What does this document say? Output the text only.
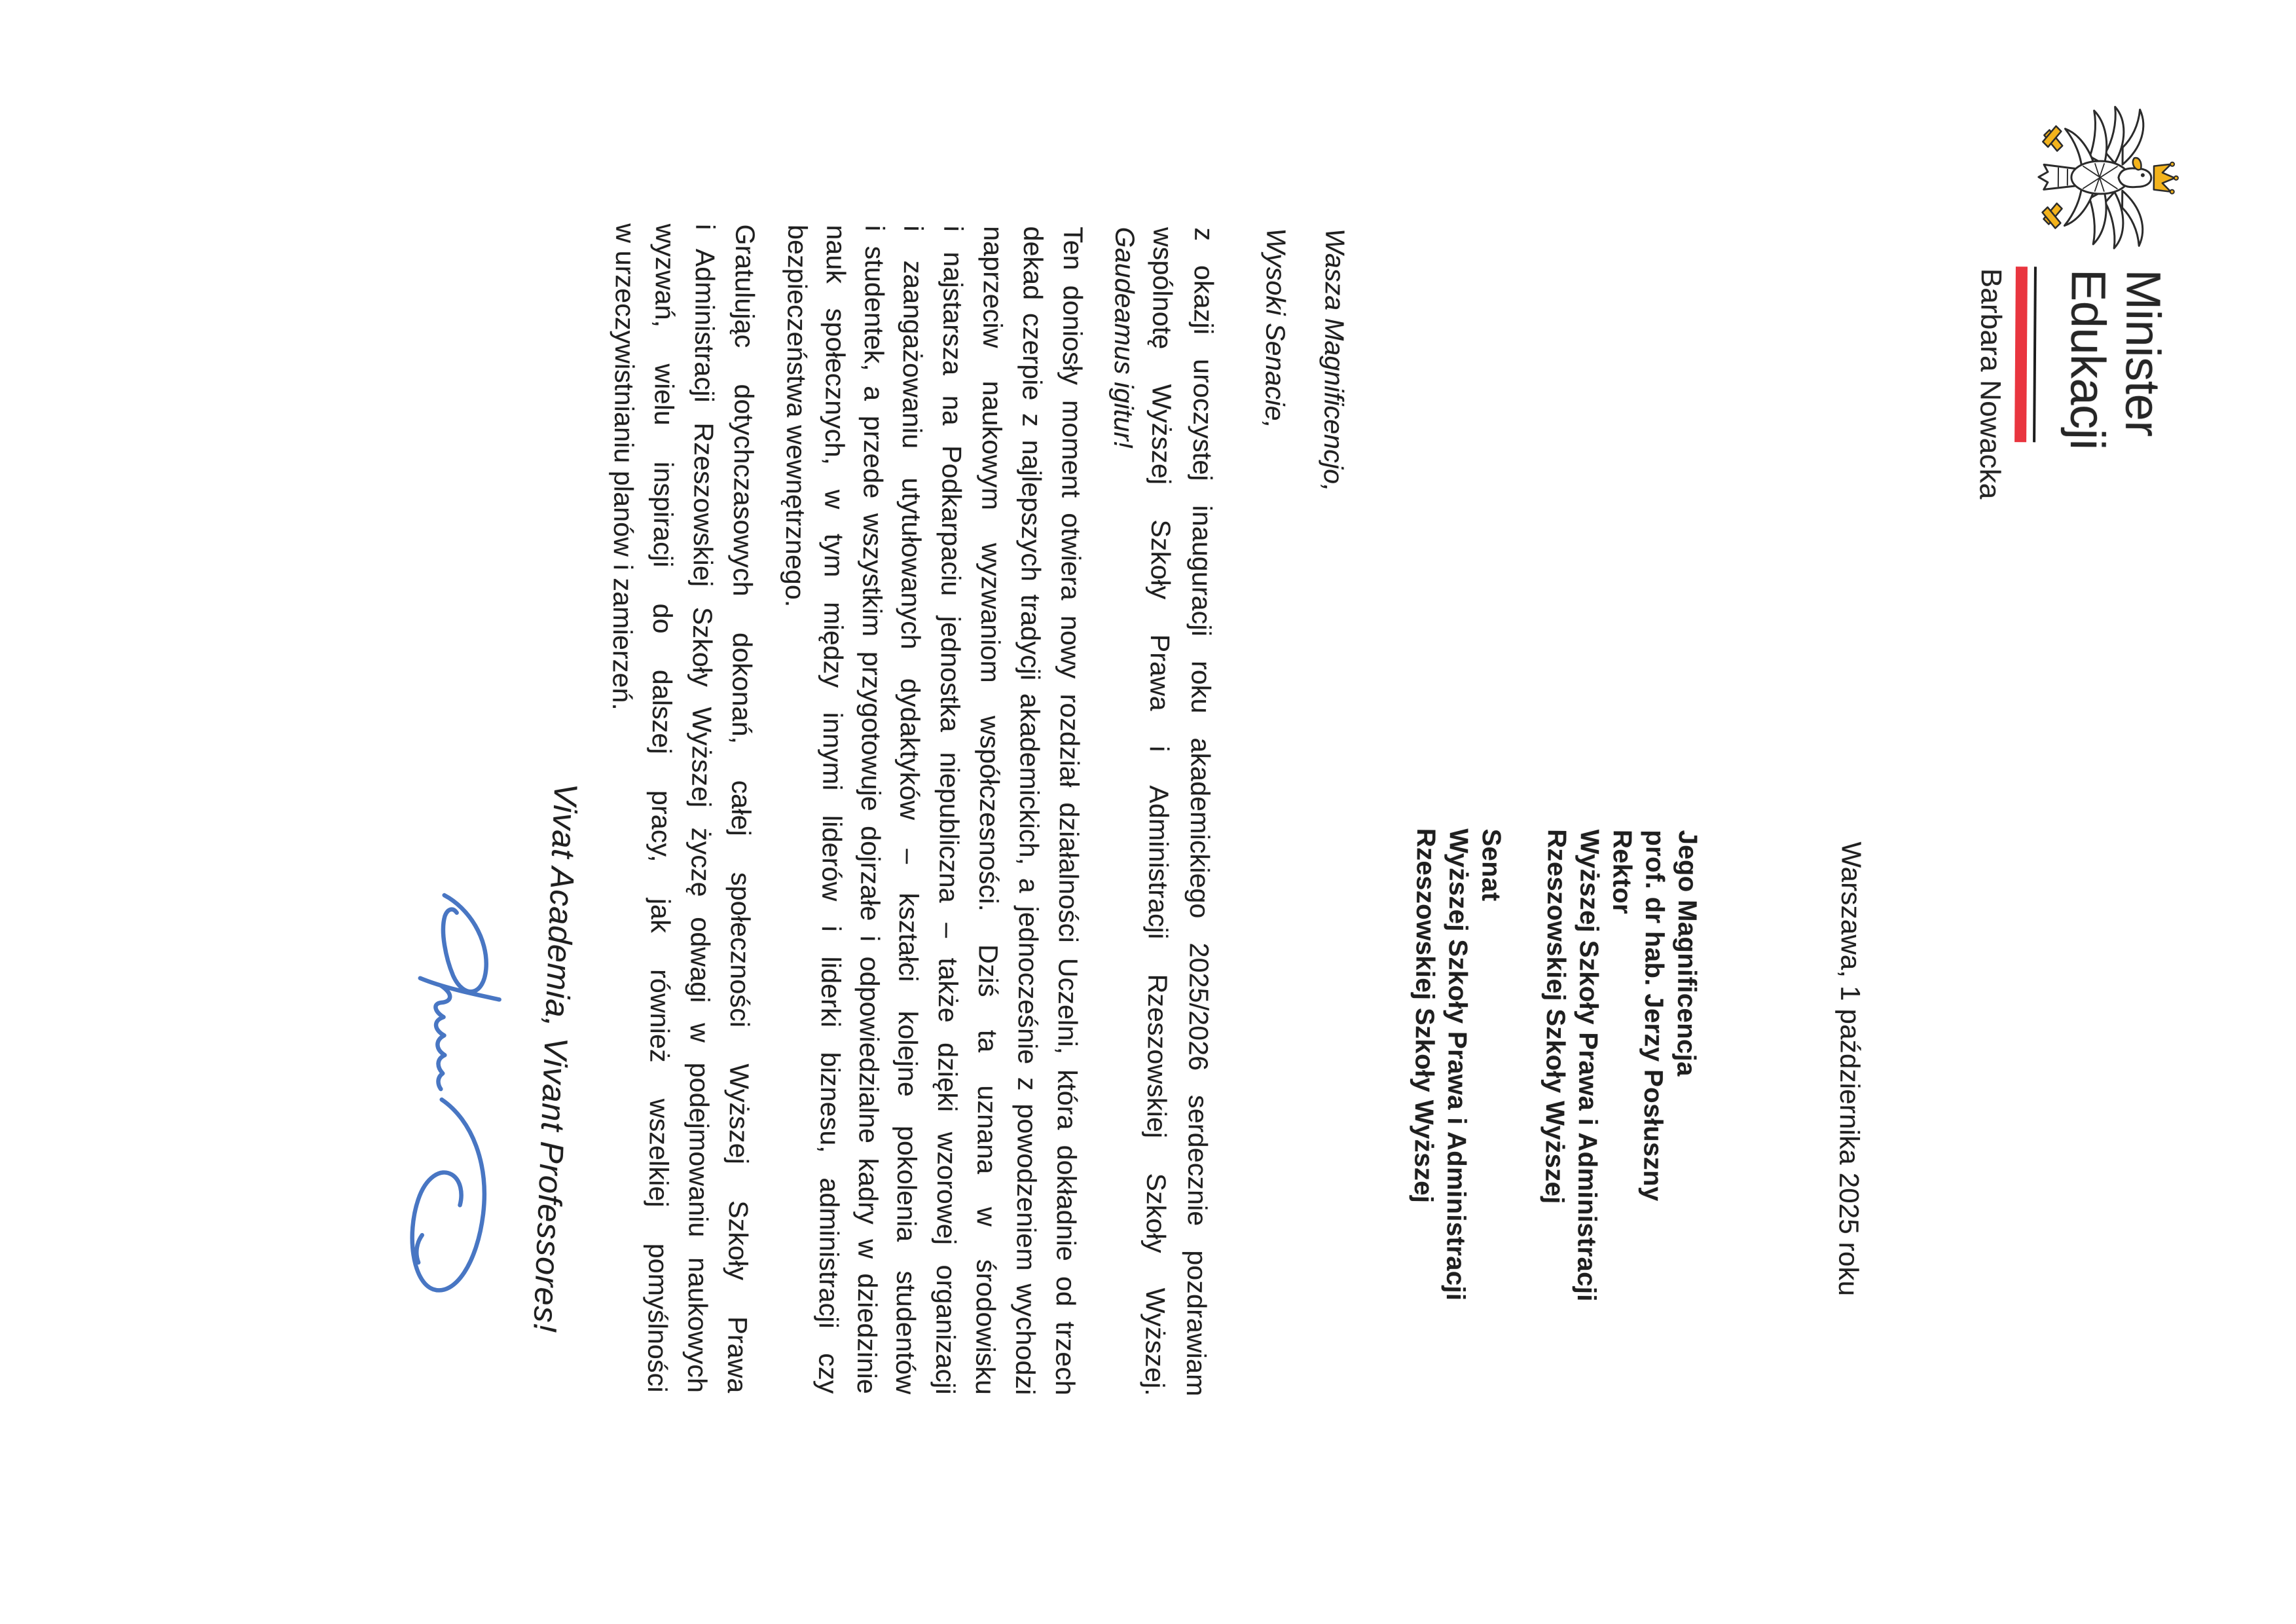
Minister
Edukacji
Barbara Nowacka
Warszawa, 1 października 2025 roku
Jego Magnificencja
prof. dr hab. Jerzy Posłuszny
Rektor
Wyższej Szkoły Prawa i Administracji
Rzeszowskiej Szkoły Wyższej
Senat
Wyższej Szkoły Prawa i Administracji
Rzeszowskiej Szkoły Wyższej
Wasza Magnificencjo,
Wysoki Senacie,
z okazji uroczystej inauguracji roku akademickiego 2025/2026 serdecznie pozdrawiam
wspólnotę Wyższej Szkoły Prawa i Administracji Rzeszowskiej Szkoły Wyższej.
Gaudeamus igitur!
Ten doniosły moment otwiera nowy rozdział działalności Uczelni, która dokładnie od trzech
dekad czerpie z najlepszych tradycji akademickich, a jednocześnie z powodzeniem wychodzi
naprzeciw naukowym wyzwaniom współczesności. Dziś ta uznana w środowisku
i najstarsza na Podkarpaciu jednostka niepubliczna – także dzięki wzorowej organizacji
i zaangażowaniu utytułowanych dydaktyków – kształci kolejne pokolenia studentów
i studentek, a przede wszystkim przygotowuje dojrzałe i odpowiedzialne kadry w dziedzinie
nauk społecznych, w tym między innymi liderów i liderki biznesu, administracji czy
bezpieczeństwa wewnętrznego.
Gratulując dotychczasowych dokonań, całej społeczności Wyższej Szkoły Prawa
i Administracji Rzeszowskiej Szkoły Wyższej życzę odwagi w podejmowaniu naukowych
wyzwań, wielu inspiracji do dalszej pracy, jak również wszelkiej pomyślności
w urzeczywistnianiu planów i zamierzeń.
Vivat Academia, Vivant Professores!
